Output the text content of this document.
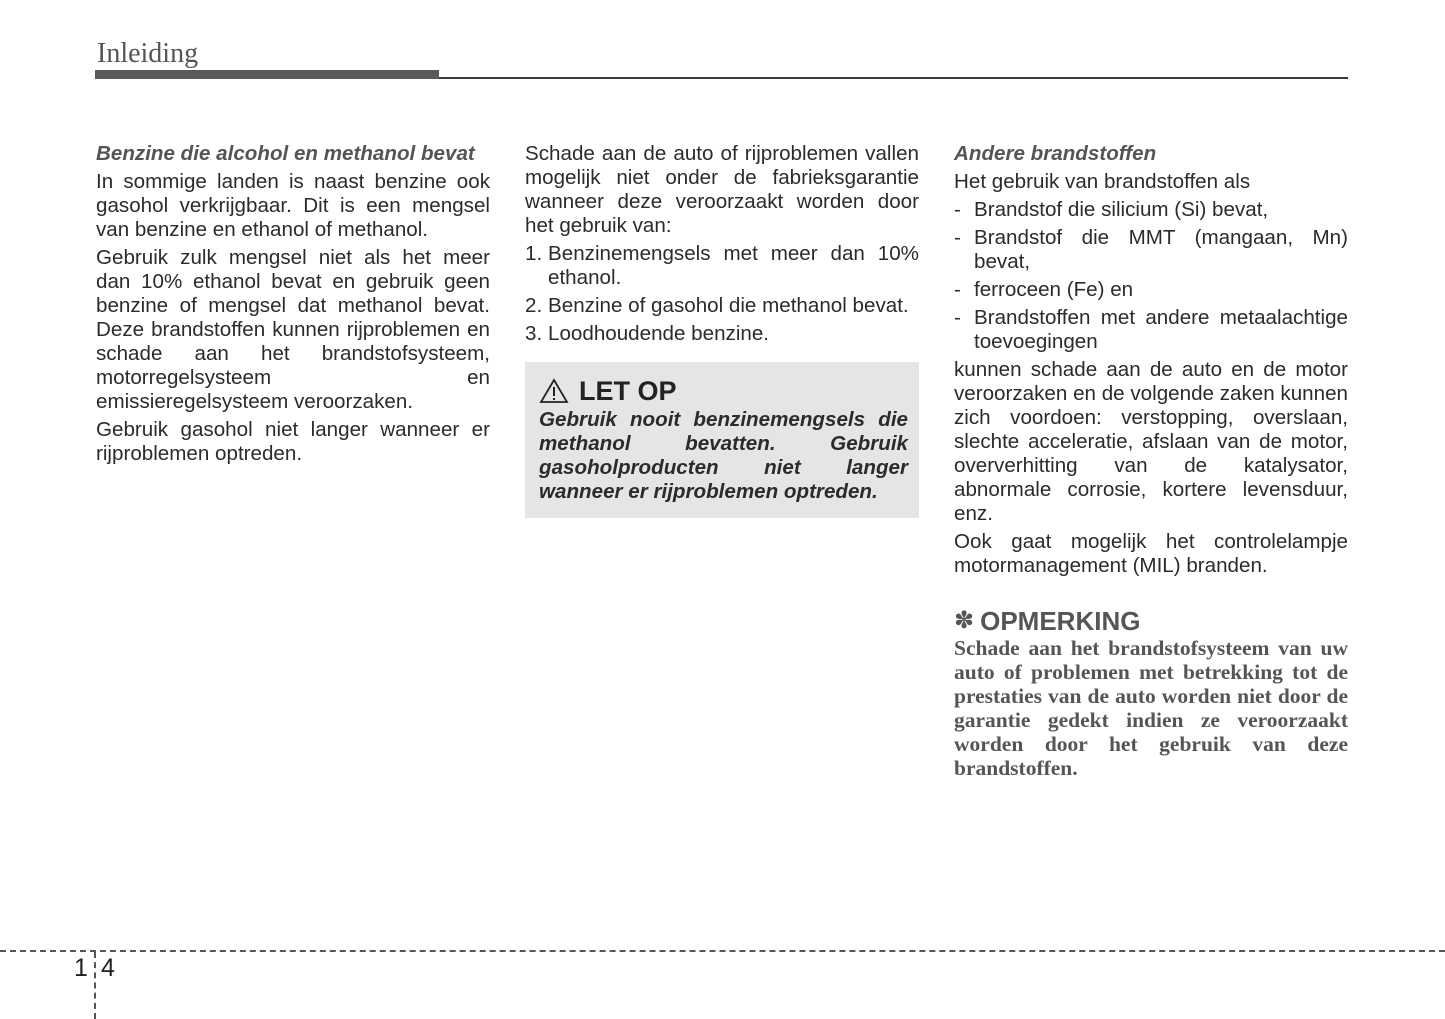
Inleiding
Benzine die alcohol en methanol bevat

In sommige landen is naast benzine ook gasohol verkrijgbaar. Dit is een mengsel van benzine en ethanol of methanol.

Gebruik zulk mengsel niet als het meer dan 10% ethanol bevat en gebruik geen benzine of mengsel dat methanol bevat. Deze brandstoffen kunnen rijproblemen en schade aan het brandstofsysteem, motorregelsysteem en emissieregelsysteem veroorzaken.

Gebruik gasohol niet langer wanneer er rijproblemen optreden.

Schade aan de auto of rijproblemen vallen mogelijk niet onder de fabrieksgarantie wanneer deze veroorzaakt worden door het gebruik van:

1. Benzinemengsels met meer dan 10% ethanol.
2. Benzine of gasohol die methanol bevat.
3. Loodhoudende benzine.
LET OP
Gebruik nooit benzinemengsels die methanol bevatten. Gebruik gasoholproducten niet langer wanneer er rijproblemen optreden.
Andere brandstoffen

Het gebruik van brandstoffen als

- Brandstof die silicium (Si) bevat,
- Brandstof die MMT (mangaan, Mn) bevat,
- ferroceen (Fe) en
- Brandstoffen met andere metaalachtige toevoegingen

kunnen schade aan de auto en de motor veroorzaken en de volgende zaken kunnen zich voordoen: verstopping, overslaan, slechte acceleratie, afslaan van de motor, oververhitting van de katalysator, abnormale corrosie, kortere levensduur, enz.

Ook gaat mogelijk het controlelampje motormanagement (MIL) branden.

✽ OPMERKING
Schade aan het brandstofsysteem van uw auto of problemen met betrekking tot de prestaties van de auto worden niet door de garantie gedekt indien ze veroorzaakt worden door het gebruik van deze brandstoffen.
1 4
